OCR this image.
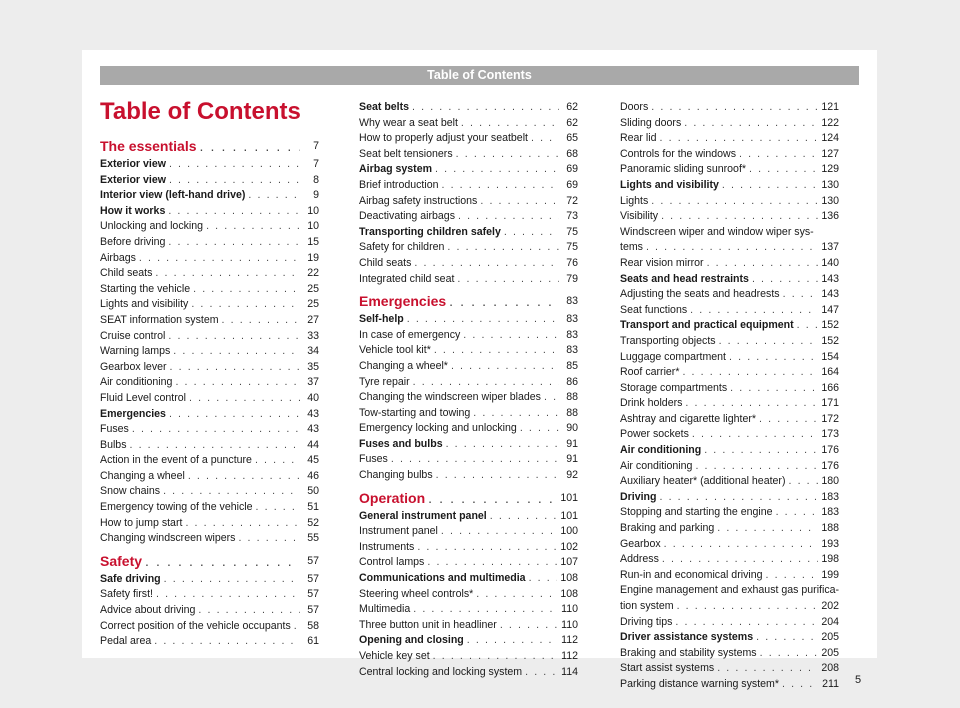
Table of Contents
Table of Contents
The essentials . . .	7
Exterior view . . .	7
Exterior view . . .	8
Interior view (left-hand drive) . . .	9
How it works . . .	10
Unlocking and locking . . .	10
Before driving . . .	15
Airbags . . .	19
Child seats . . .	22
Starting the vehicle . . .	25
Lights and visibility . . .	25
SEAT information system . . .	27
Cruise control . . .	33
Warning lamps . . .	34
Gearbox lever . . .	35
Air conditioning . . .	37
Fluid Level control . . .	40
Emergencies . . .	43
Fuses . . .	43
Bulbs . . .	44
Action in the event of a puncture . . .	45
Changing a wheel . . .	46
Snow chains . . .	50
Emergency towing of the vehicle . . .	51
How to jump start . . .	52
Changing windscreen wipers . . .	55
Safety . . .	57
Safe driving . . .	57
Safety first! . . .	57
Advice about driving . . .	57
Correct position of the vehicle occupants . . .	58
Pedal area . . .	61
Seat belts . . .	62
Why wear a seat belt . . .	62
How to properly adjust your seatbelt . . .	65
Seat belt tensioners . . .	68
Airbag system . . .	69
Brief introduction . . .	69
Airbag safety instructions . . .	72
Deactivating airbags . . .	73
Transporting children safely . . .	75
Safety for children . . .	75
Child seats . . .	76
Integrated child seat . . .	79
Emergencies . . .	83
Self-help . . .	83
In case of emergency . . .	83
Vehicle tool kit* . . .	83
Changing a wheel* . . .	85
Tyre repair . . .	86
Changing the windscreen wiper blades . . .	88
Tow-starting and towing . . .	88
Emergency locking and unlocking . . .	90
Fuses and bulbs . . .	91
Fuses . . .	91
Changing bulbs . . .	92
Operation . . .	101
General instrument panel . . .	101
Instrument panel . . .	100
Instruments . . .	102
Control lamps . . .	107
Communications and multimedia . . .	108
Steering wheel controls* . . .	108
Multimedia . . .	110
Three button unit in headliner . . .	110
Opening and closing . . .	112
Vehicle key set . . .	112
Central locking and locking system . . .	114
Doors . . .	121
Sliding doors . . .	122
Rear lid . . .	124
Controls for the windows . . .	127
Panoramic sliding sunroof* . . .	129
Lights and visibility . . .	130
Lights . . .	130
Visibility . . .	136
Windscreen wiper and window wiper sys-
tems . . .	137
Rear vision mirror . . .	140
Seats and head restraints . . .	143
Adjusting the seats and headrests . . .	143
Seat functions . . .	147
Transport and practical equipment . . .	152
Transporting objects . . .	152
Luggage compartment . . .	154
Roof carrier* . . .	164
Storage compartments . . .	166
Drink holders . . .	171
Ashtray and cigarette lighter* . . .	172
Power sockets . . .	173
Air conditioning . . .	176
Air conditioning . . .	176
Auxiliary heater* (additional heater) . . .	180
Driving . . .	183
Stopping and starting the engine . . .	183
Braking and parking . . .	188
Gearbox . . .	193
Address . . .	198
Run-in and economical driving . . .	199
Engine management and exhaust gas purifica-
tion system . . .	202
Driving tips . . .	204
Driver assistance systems . . .	205
Braking and stability systems . . .	205
Start assist systems . . .	208
Parking distance warning system* . . .	211 5
